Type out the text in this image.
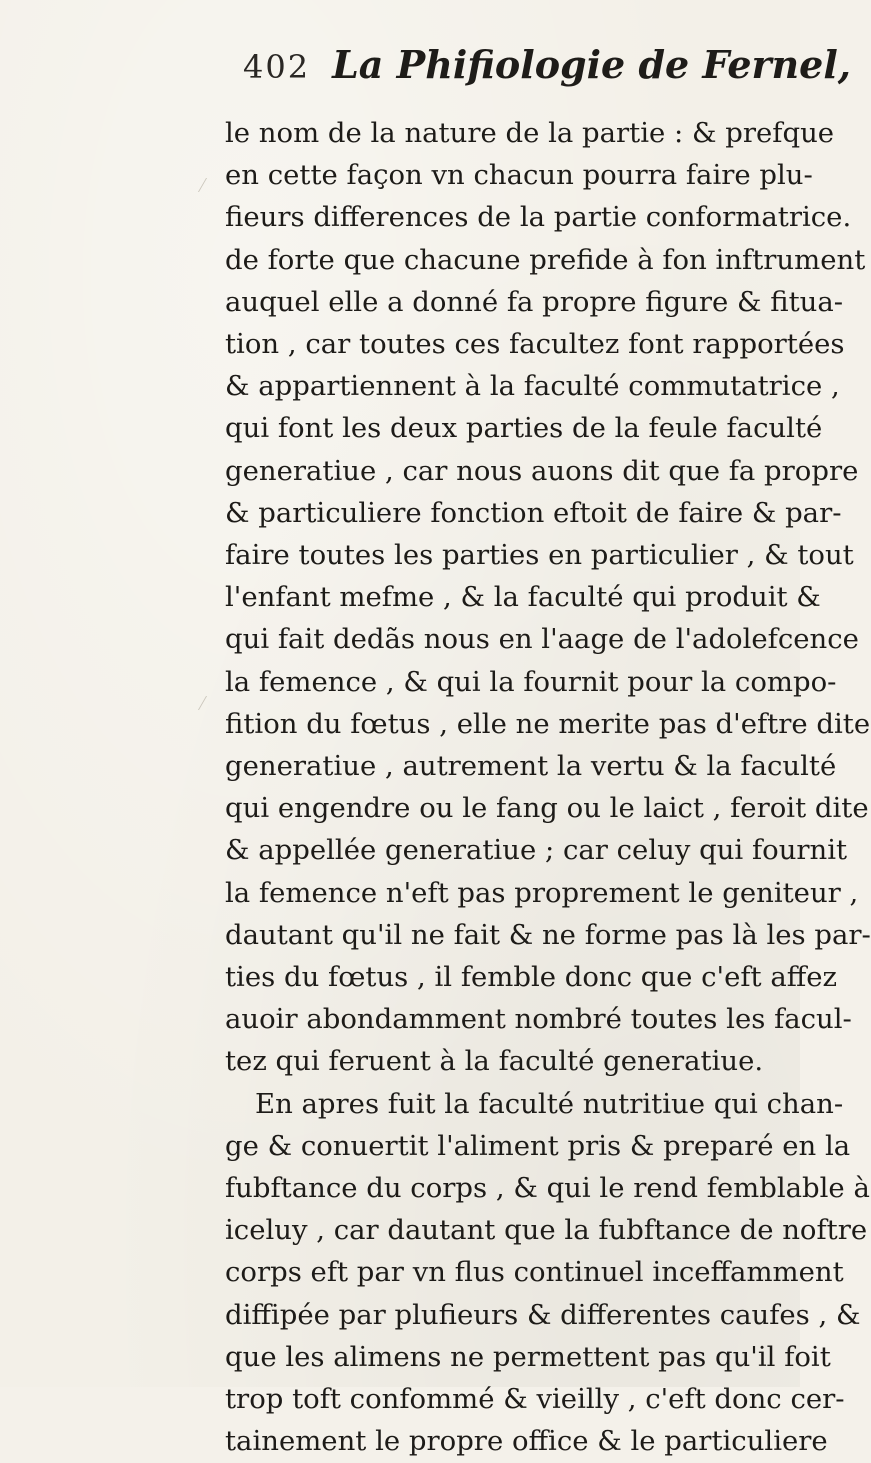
402 La Phifiologie de Fernel,
le nom de la nature de la partie : & prefque
en cette façon vn chacun pourra faire plu-
fieurs differences de la partie conformatrice.
de forte que chacune prefide à fon inftrument
auquel elle a donné fa propre figure & fitua-
tion , car toutes ces facultez font rapportées
& appartiennent à la faculté commutatrice ,
qui font les deux parties de la feule faculté
generatiue , car nous auons dit que fa propre
& particuliere fonction eftoit de faire & par-
faire toutes les parties en particulier , & tout
l'enfant mefme , & la faculté qui produit &
qui fait dedãs nous en l'aage de l'adolefcence
la femence , & qui la fournit pour la compo-
fition du fœtus , elle ne merite pas d'eftre dite
generatiue , autrement la vertu & la faculté
qui engendre ou le fang ou le laict , feroit dite
& appellée generatiue ; car celuy qui fournit
la femence n'eft pas proprement le geniteur ,
dautant qu'il ne fait & ne forme pas là les par-
ties du fœtus , il femble donc que c'eft affez
auoir abondamment nombré toutes les facul-
tez qui feruent à la faculté generatiue.
En apres fuit la faculté nutritiue qui chan-
ge & conuertit l'aliment pris & preparé en la
fubftance du corps , & qui le rend femblable à
iceluy , car dautant que la fubftance de noftre
corps eft par vn flus continuel inceffamment
diffipée par plufieurs & differentes caufes , &
que les alimens ne permettent pas qu'il foit
trop toft confommé & vieilly , c'eft donc cer-
tainement le propre office & le particuliere
